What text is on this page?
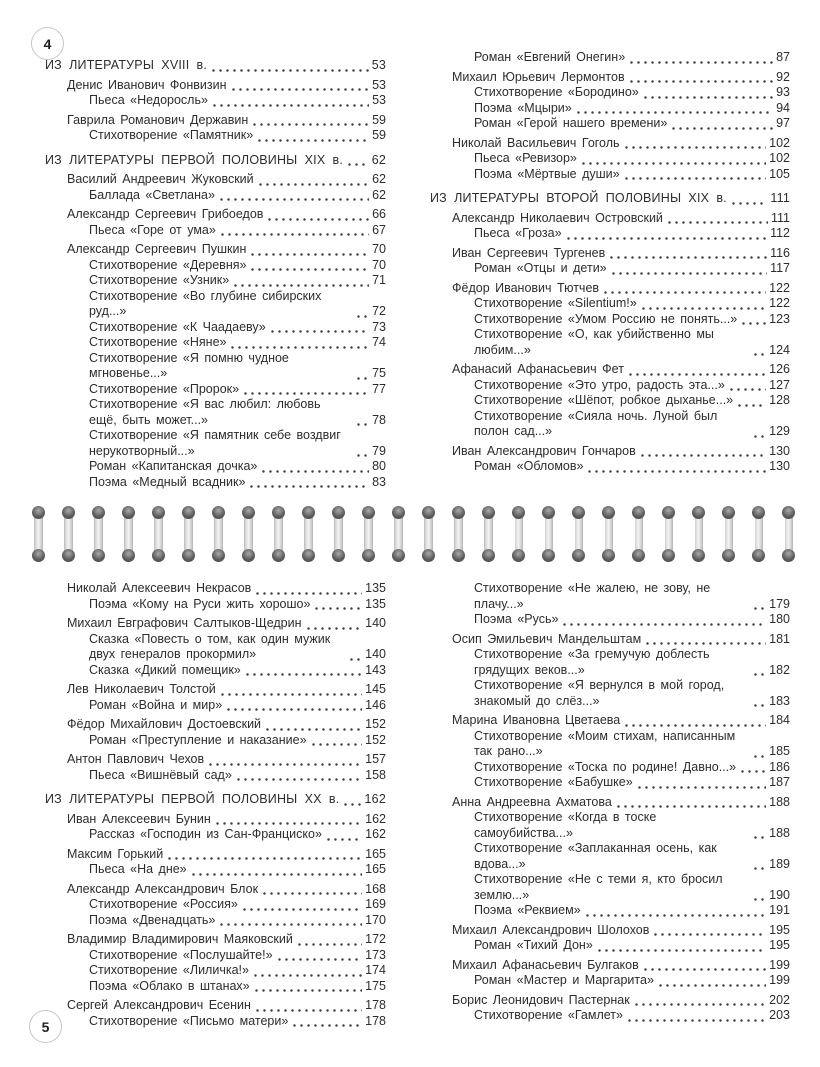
4
ИЗ ЛИТЕРАТУРЫ XVIII в.	53
Денис Иванович Фонвизин	53
Пьеса «Недоросль»	53
Гаврила Романович Державин	59
Стихотворение «Памятник»	59
ИЗ ЛИТЕРАТУРЫ ПЕРВОЙ ПОЛОВИНЫ XIX в. 62
Василий Андреевич Жуковский	62
Баллада «Светлана»	62
Александр Сергеевич Грибоедов	66
Пьеса «Горе от ума»	67
Александр Сергеевич Пушкин	70
Стихотворение «Деревня»	70
Стихотворение «Узник»	71
Стихотворение «Во глубине сибирских руд...»	72
Стихотворение «К Чаадаеву»	73
Стихотворение «Няне»	74
Стихотворение «Я помню чудное мгновенье...»	75
Стихотворение «Пророк»	77
Стихотворение «Я вас любил: любовь ещё, быть может...»	78
Стихотворение «Я памятник себе воздвиг нерукотворный...»	79
Роман «Капитанская дочка»	80
Поэма «Медный всадник»	83
Роман «Евгений Онегин»	87
Михаил Юрьевич Лермонтов	92
Стихотворение «Бородино»	93
Поэма «Мцыри»	94
Роман «Герой нашего времени»	97
Николай Васильевич Гоголь	102
Пьеса «Ревизор»	102
Поэма «Мёртвые души»	105
ИЗ ЛИТЕРАТУРЫ ВТОРОЙ ПОЛОВИНЫ XIX в.	111
Александр Николаевич Островский	111
Пьеса «Гроза»	112
Иван Сергеевич Тургенев	116
Роман «Отцы и дети»	117
Фёдор Иванович Тютчев	122
Стихотворение «Silentium!»	122
Стихотворение «Умом Россию не понять...»	123
Стихотворение «О, как убийственно мы любим...»	124
Афанасий Афанасьевич Фет	126
Стихотворение «Это утро, радость эта...»	127
Стихотворение «Шёпот, робкое дыханье...»	128
Стихотворение «Сияла ночь. Луной был полон сад...»	129
Иван Александрович Гончаров	130
Роман «Обломов»	130
Николай Алексеевич Некрасов	135
Поэма «Кому на Руси жить хорошо»	135
Михаил Евграфович Салтыков-Щедрин	140
Сказка «Повесть о том, как один мужик двух генералов прокормил»	140
Сказка «Дикий помещик»	143
Лев Николаевич Толстой	145
Роман «Война и мир»	146
Фёдор Михайлович Достоевский	152
Роман «Преступление и наказание»	152
Антон Павлович Чехов	157
Пьеса «Вишнёвый сад»	158
ИЗ ЛИТЕРАТУРЫ ПЕРВОЙ ПОЛОВИНЫ XX в. 162
Иван Алексеевич Бунин	162
Рассказ «Господин из Сан-Франциско»	162
Максим Горький	165
Пьеса «На дне»	165
Александр Александрович Блок	168
Стихотворение «Россия»	169
Поэма «Двенадцать»	170
Владимир Владимирович Маяковский	172
Стихотворение «Послушайте!»	173
Стихотворение «Лиличка!»	174
Поэма «Облако в штанах»	175
Сергей Александрович Есенин	178
Стихотворение «Письмо матери»	178
Стихотворение «Не жалею, не зову, не плачу...»	179
Поэма «Русь»	180
Осип Эмильевич Мандельштам	181
Стихотворение «За гремучую доблесть грядущих веков...»	182
Стихотворение «Я вернулся в мой город, знакомый до слёз...»	183
Марина Ивановна Цветаева	184
Стихотворение «Моим стихам, написанным так рано...»	185
Стихотворение «Тоска по родине! Давно...»	186
Стихотворение «Бабушке»	187
Анна Андреевна Ахматова	188
Стихотворение «Когда в тоске самоубийства...»	188
Стихотворение «Заплаканная осень, как вдова...»	189
Стихотворение «Не с теми я, кто бросил землю...»	190
Поэма «Реквием»	191
Михаил Александрович Шолохов	195
Роман «Тихий Дон»	195
Михаил Афанасьевич Булгаков	199
Роман «Мастер и Маргарита»	199
Борис Леонидович Пастернак	202
Стихотворение «Гамлет»	203
5
